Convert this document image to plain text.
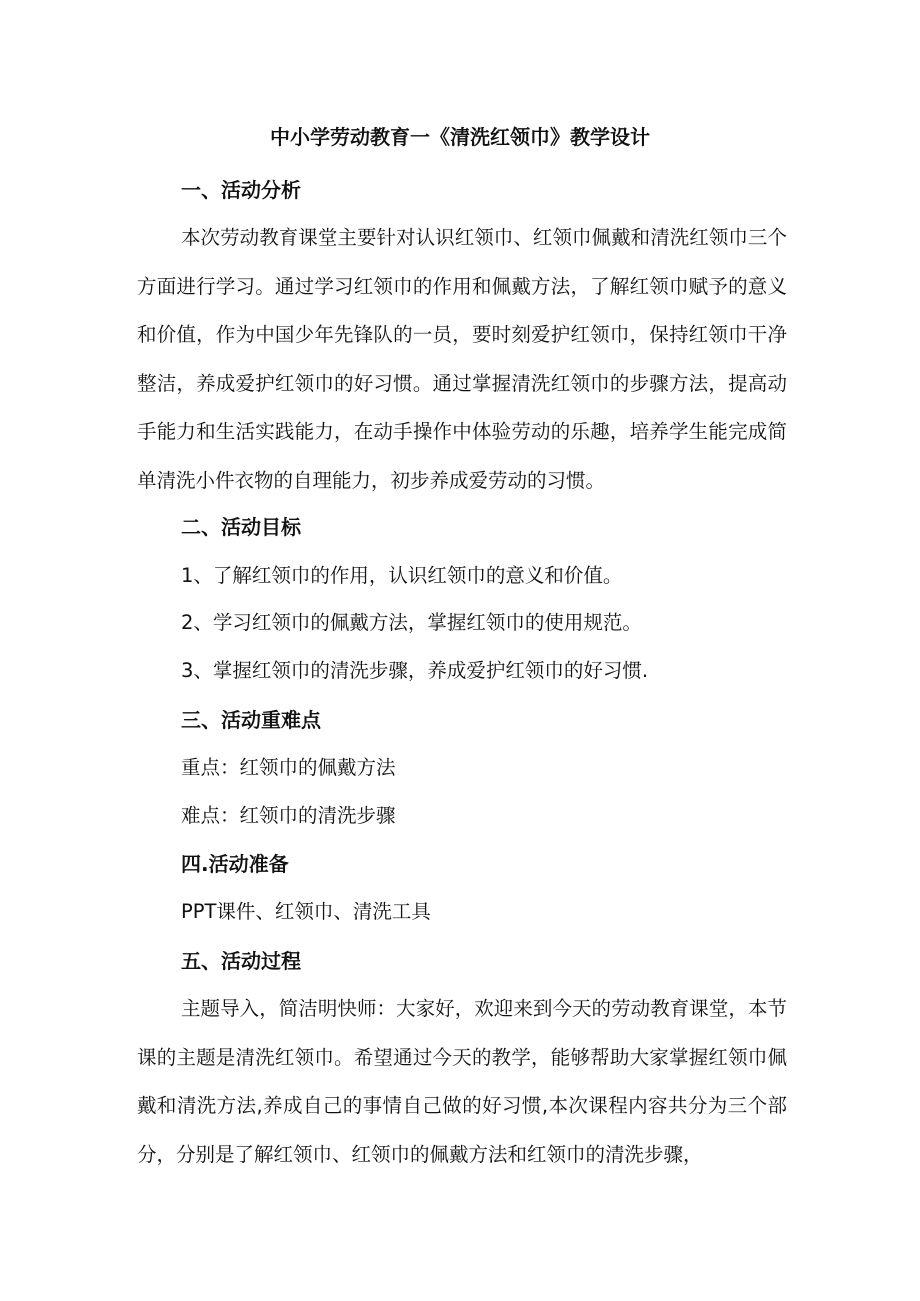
中小学劳动教育一《清洗红领巾》教学设计
一、活动分析

本次劳动教育课堂主要针对认识红领巾、红领巾佩戴和清洗红领巾三个方面进行学习。通过学习红领巾的作用和佩戴方法，了解红领巾赋予的意义和价值，作为中国少年先锋队的一员，要时刻爱护红领巾，保持红领巾干净整洁，养成爱护红领巾的好习惯。通过掌握清洗红领巾的步骤方法，提高动手能力和生活实践能力，在动手操作中体验劳动的乐趣，培养学生能完成简单清洗小件衣物的自理能力，初步养成爱劳动的习惯。

二、活动目标

1、了解红领巾的作用，认识红领巾的意义和价值。

2、学习红领巾的佩戴方法，掌握红领巾的使用规范。

3、掌握红领巾的清洗步骤，养成爱护红领巾的好习惯.

三、活动重难点

重点：红领巾的佩戴方法

难点：红领巾的清洗步骤

四.活动准备

PPT课件、红领巾、清洗工具

五、活动过程

主题导入，简洁明快师：大家好，欢迎来到今天的劳动教育课堂，本节课的主题是清洗红领巾。希望通过今天的教学，能够帮助大家掌握红领巾佩戴和清洗方法,养成自己的事情自己做的好习惯,本次课程内容共分为三个部分，分别是了解红领巾、红领巾的佩戴方法和红领巾的清洗步骤，
